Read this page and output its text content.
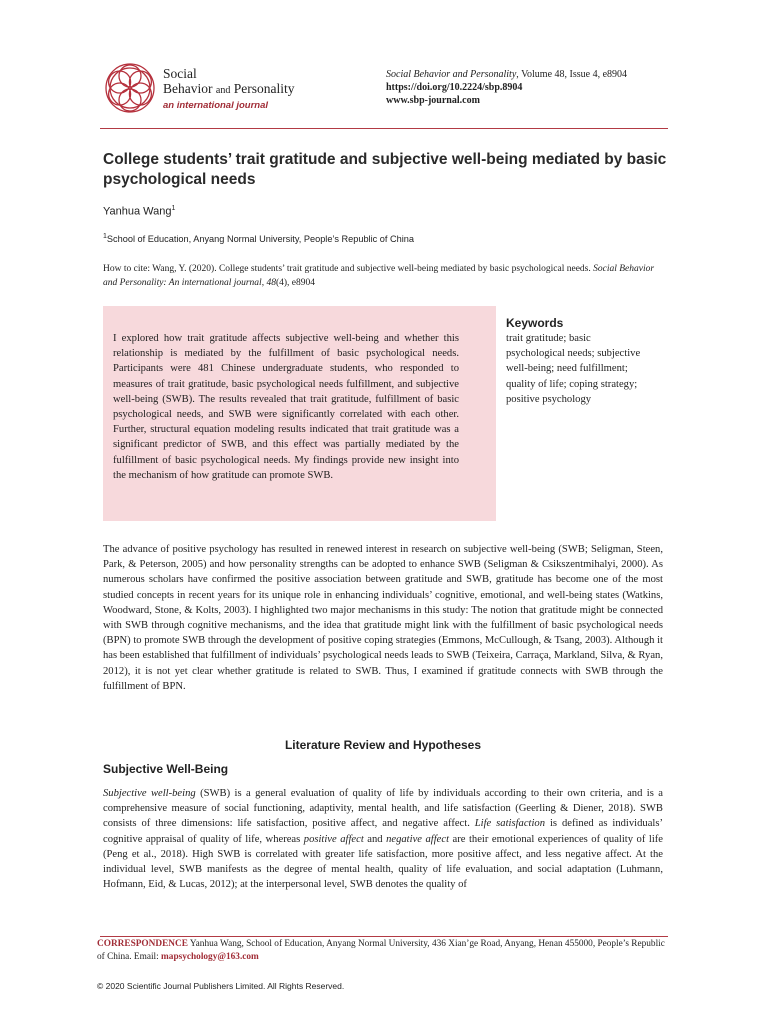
Social
Behavior and Personality
an international journal
Social Behavior and Personality, Volume 48, Issue 4, e8904
https://doi.org/10.2224/sbp.8904
www.sbp-journal.com
College students’ trait gratitude and subjective well-being mediated by basic psychological needs
Yanhua Wang$^1$
$^1$School of Education, Anyang Normal University, People’s Republic of China
How to cite: Wang, Y. (2020). College students’ trait gratitude and subjective well-being mediated by basic psychological needs. Social Behavior and Personality: An international journal, 48(4), e8904
I explored how trait gratitude affects subjective well-being and whether this relationship is mediated by the fulfillment of basic psychological needs. Participants were 481 Chinese undergraduate students, who responded to measures of trait gratitude, basic psychological needs fulfillment, and subjective well-being (SWB). The results revealed that trait gratitude, fulfillment of basic psychological needs, and SWB were significantly correlated with each other. Further, structural equation modeling results indicated that trait gratitude was a significant predictor of SWB, and this effect was partially mediated by the fulfillment of basic psychological needs. My findings provide new insight into the mechanism of how gratitude can promote SWB.
Keywords
trait gratitude; basic psychological needs; subjective well-being; need fulfillment; quality of life; coping strategy; positive psychology
The advance of positive psychology has resulted in renewed interest in research on subjective well-being (SWB; Seligman, Steen, Park, & Peterson, 2005) and how personality strengths can be adopted to enhance SWB (Seligman & Csikszentmihalyi, 2000). As numerous scholars have confirmed the positive association between gratitude and SWB, gratitude has become one of the most studied concepts in recent years for its unique role in enhancing individuals’ cognitive, emotional, and well-being states (Watkins, Woodward, Stone, & Kolts, 2003). I highlighted two major mechanisms in this study: The notion that gratitude might be connected with SWB through cognitive mechanisms, and the idea that gratitude might link with the fulfillment of basic psychological needs (BPN) to promote SWB through the development of positive coping strategies (Emmons, McCullough, & Tsang, 2003). Although it has been established that fulfillment of individuals’ psychological needs leads to SWB (Teixeira, Carraça, Markland, Silva, & Ryan, 2012), it is not yet clear whether gratitude is related to SWB. Thus, I examined if gratitude connects with SWB through the fulfillment of BPN.
Literature Review and Hypotheses
Subjective Well-Being
Subjective well-being (SWB) is a general evaluation of quality of life by individuals according to their own criteria, and is a comprehensive measure of social functioning, adaptivity, mental health, and life satisfaction (Geerling & Diener, 2018). SWB consists of three dimensions: life satisfaction, positive affect, and negative affect. Life satisfaction is defined as individuals’ cognitive appraisal of quality of life, whereas positive affect and negative affect are their emotional experiences of quality of life (Peng et al., 2018). High SWB is correlated with greater life satisfaction, more positive affect, and less negative affect. At the individual level, SWB manifests as the degree of mental health, quality of life evaluation, and social adaptation (Luhmann, Hofmann, Eid, & Lucas, 2012); at the interpersonal level, SWB denotes the quality of
CORRESPONDENCE Yanhua Wang, School of Education, Anyang Normal University, 436 Xian’ge Road, Anyang, Henan 455000, People’s Republic of China. Email: mapsychology@163.com
© 2020 Scientific Journal Publishers Limited. All Rights Reserved.
